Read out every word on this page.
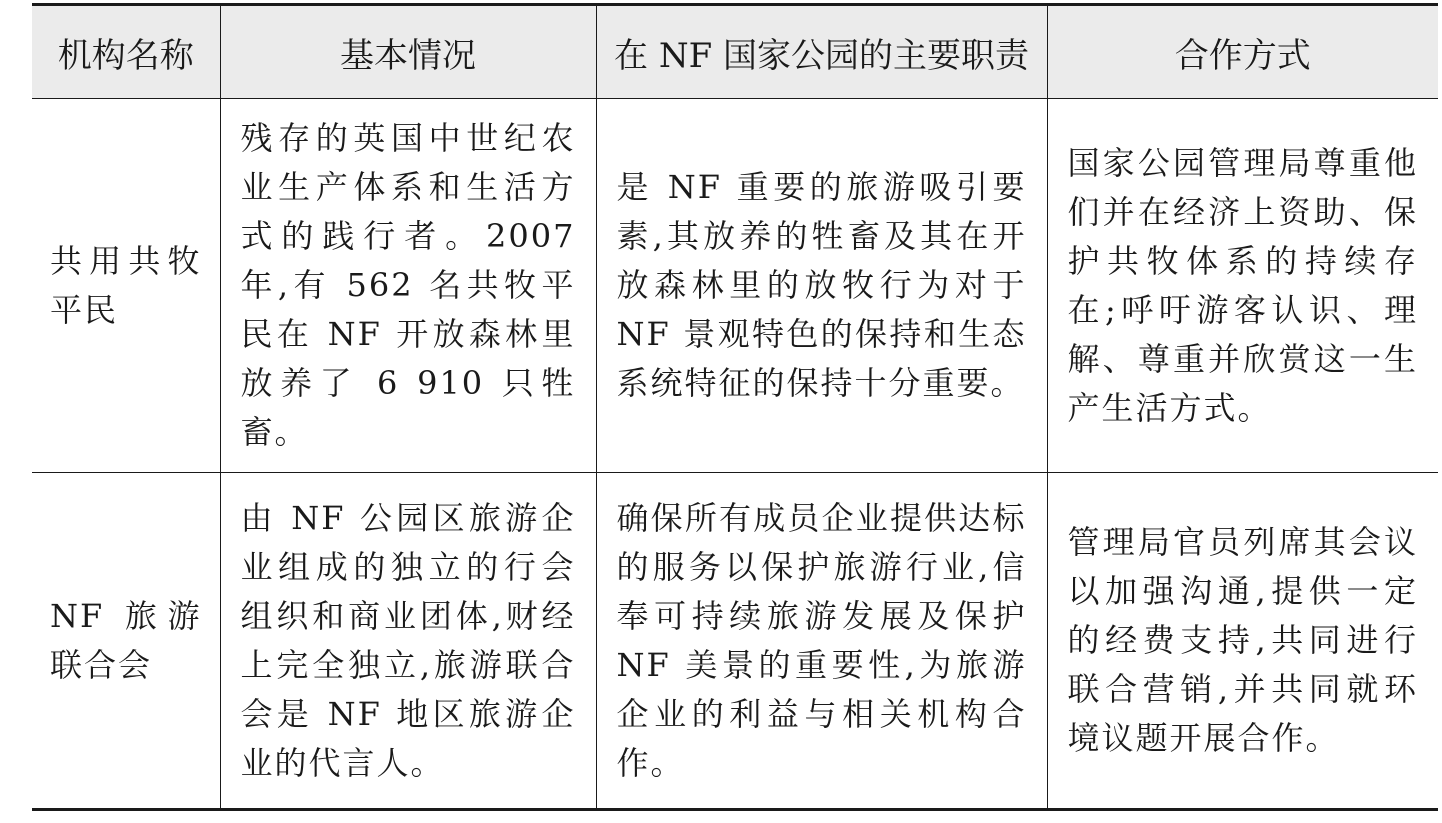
机构名称	基本情况	在 NF 国家公园的主要职责	合作方式
共用共牧平民	残存的英国中世纪农业生产体系和生活方式的践行者。2007 年,有 562 名共牧平民在 NF 开放森林里放养了 6 910 只牲畜。	是 NF 重要的旅游吸引要素,其放养的牲畜及其在开放森林里的放牧行为对于 NF 景观特色的保持和生态系统特征的保持十分重要。	国家公园管理局尊重他们并在经济上资助、保护共牧体系的持续存在;呼吁游客认识、理解、尊重并欣赏这一生产生活方式。
NF 旅游联合会	由 NF 公园区旅游企业组成的独立的行会组织和商业团体,财经上完全独立,旅游联合会是 NF 地区旅游企业的代言人。	确保所有成员企业提供达标的服务以保护旅游行业,信奉可持续旅游发展及保护 NF 美景的重要性,为旅游企业的利益与相关机构合作。	管理局官员列席其会议以加强沟通,提供一定的经费支持,共同进行联合营销,并共同就环境议题开展合作。
